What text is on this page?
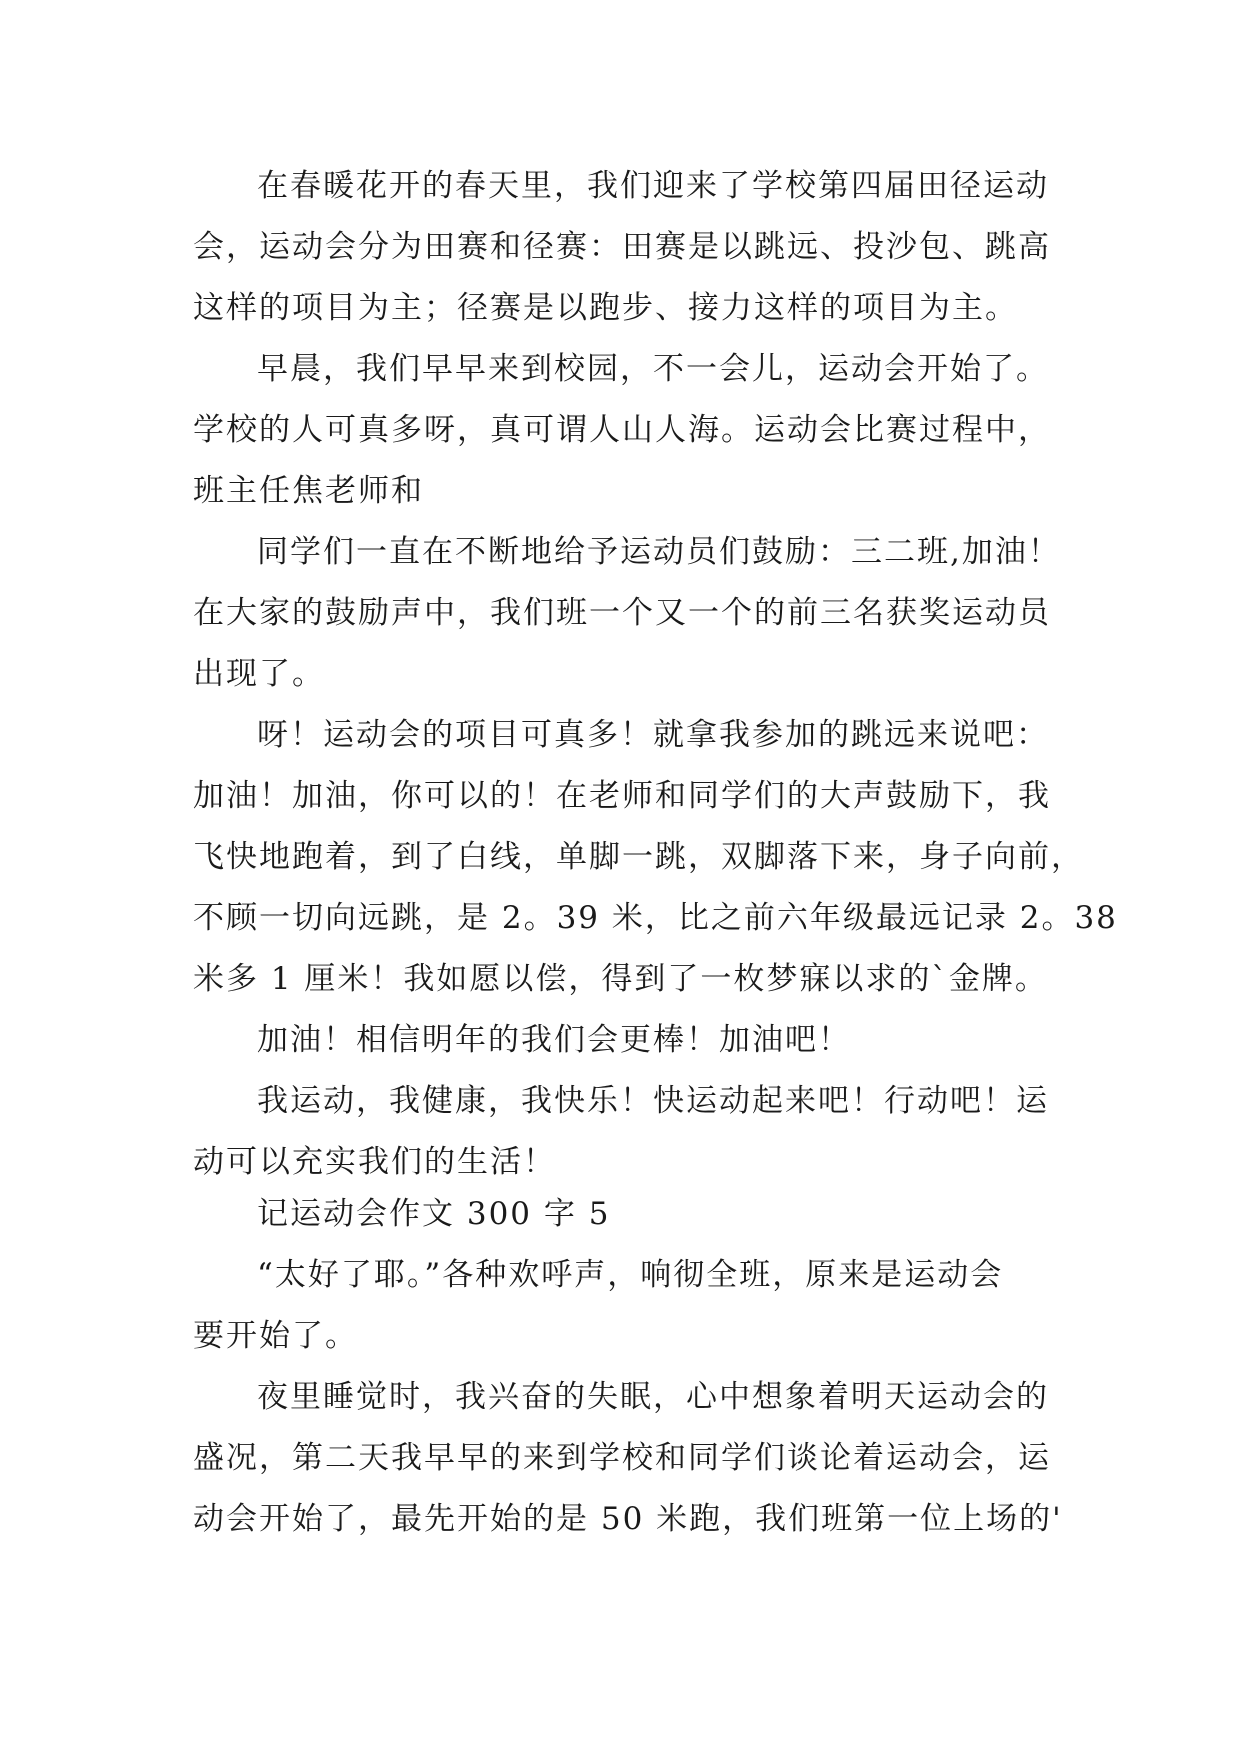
在春暖花开的春天里，我们迎来了学校第四届田径运动
会，运动会分为田赛和径赛：田赛是以跳远、投沙包、跳高
这样的项目为主；径赛是以跑步、接力这样的项目为主。
早晨，我们早早来到校园，不一会儿，运动会开始了。
学校的人可真多呀，真可谓人山人海。运动会比赛过程中，
班主任焦老师和
同学们一直在不断地给予运动员们鼓励：三二班,加油！
在大家的鼓励声中，我们班一个又一个的前三名获奖运动员
出现了。
呀！运动会的项目可真多！就拿我参加的跳远来说吧：
加油！加油，你可以的！在老师和同学们的大声鼓励下，我
飞快地跑着，到了白线，单脚一跳，双脚落下来，身子向前，
不顾一切向远跳，是 2。39 米，比之前六年级最远记录 2。38
米多 1 厘米！我如愿以偿，得到了一枚梦寐以求的`金牌。
加油！相信明年的我们会更棒！加油吧！
我运动，我健康，我快乐！快运动起来吧！行动吧！运
动可以充实我们的生活！
记运动会作文 300 字 5
“太好了耶。”各种欢呼声，响彻全班，原来是运动会
要开始了。
夜里睡觉时，我兴奋的失眠，心中想象着明天运动会的
盛况，第二天我早早的来到学校和同学们谈论着运动会，运
动会开始了，最先开始的是 50 米跑，我们班第一位上场的'
